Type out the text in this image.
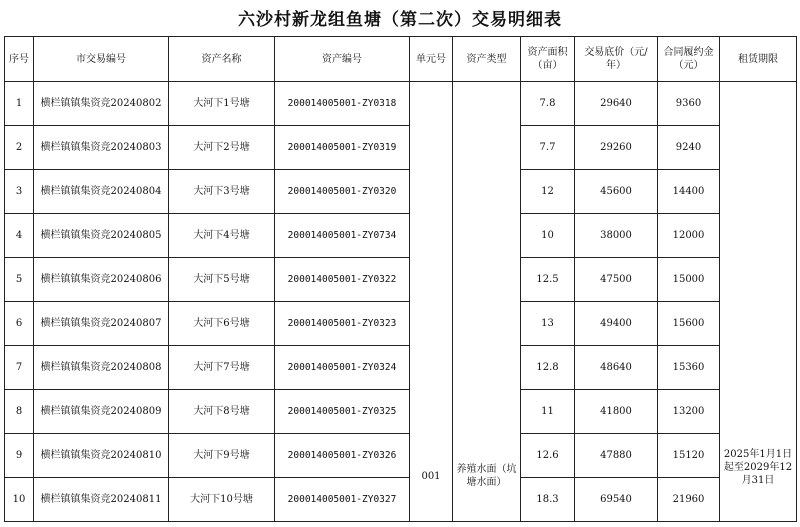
六沙村新龙组鱼塘（第二次）交易明细表
序号	市交易编号	资产名称	资产编号	单元号	资产类型	资产面积（亩）	交易底价（元/年）	合同履约金（元）	租赁期限
1	横栏镇镇集资竞20240802	大河下1号塘	200014005001-ZY0318	001	养殖水面（坑塘水面）	7.8	29640	9360	2025年1月1日起至2029年12月31日
2	横栏镇镇集资竞20240803	大河下2号塘	200014005001-ZY0319			7.7	29260	9240	
3	横栏镇镇集资竞20240804	大河下3号塘	200014005001-ZY0320			12	45600	14400	
4	横栏镇镇集资竞20240805	大河下4号塘	200014005001-ZY0734			10	38000	12000	
5	横栏镇镇集资竞20240806	大河下5号塘	200014005001-ZY0322			12.5	47500	15000	
6	横栏镇镇集资竞20240807	大河下6号塘	200014005001-ZY0323			13	49400	15600	
7	横栏镇镇集资竞20240808	大河下7号塘	200014005001-ZY0324			12.8	48640	15360	
8	横栏镇镇集资竞20240809	大河下8号塘	200014005001-ZY0325			11	41800	13200	
9	横栏镇镇集资竞20240810	大河下9号塘	200014005001-ZY0326			12.6	47880	15120	
10	横栏镇镇集资竞20240811	大河下10号塘	200014005001-ZY0327			18.3	69540	21960	
